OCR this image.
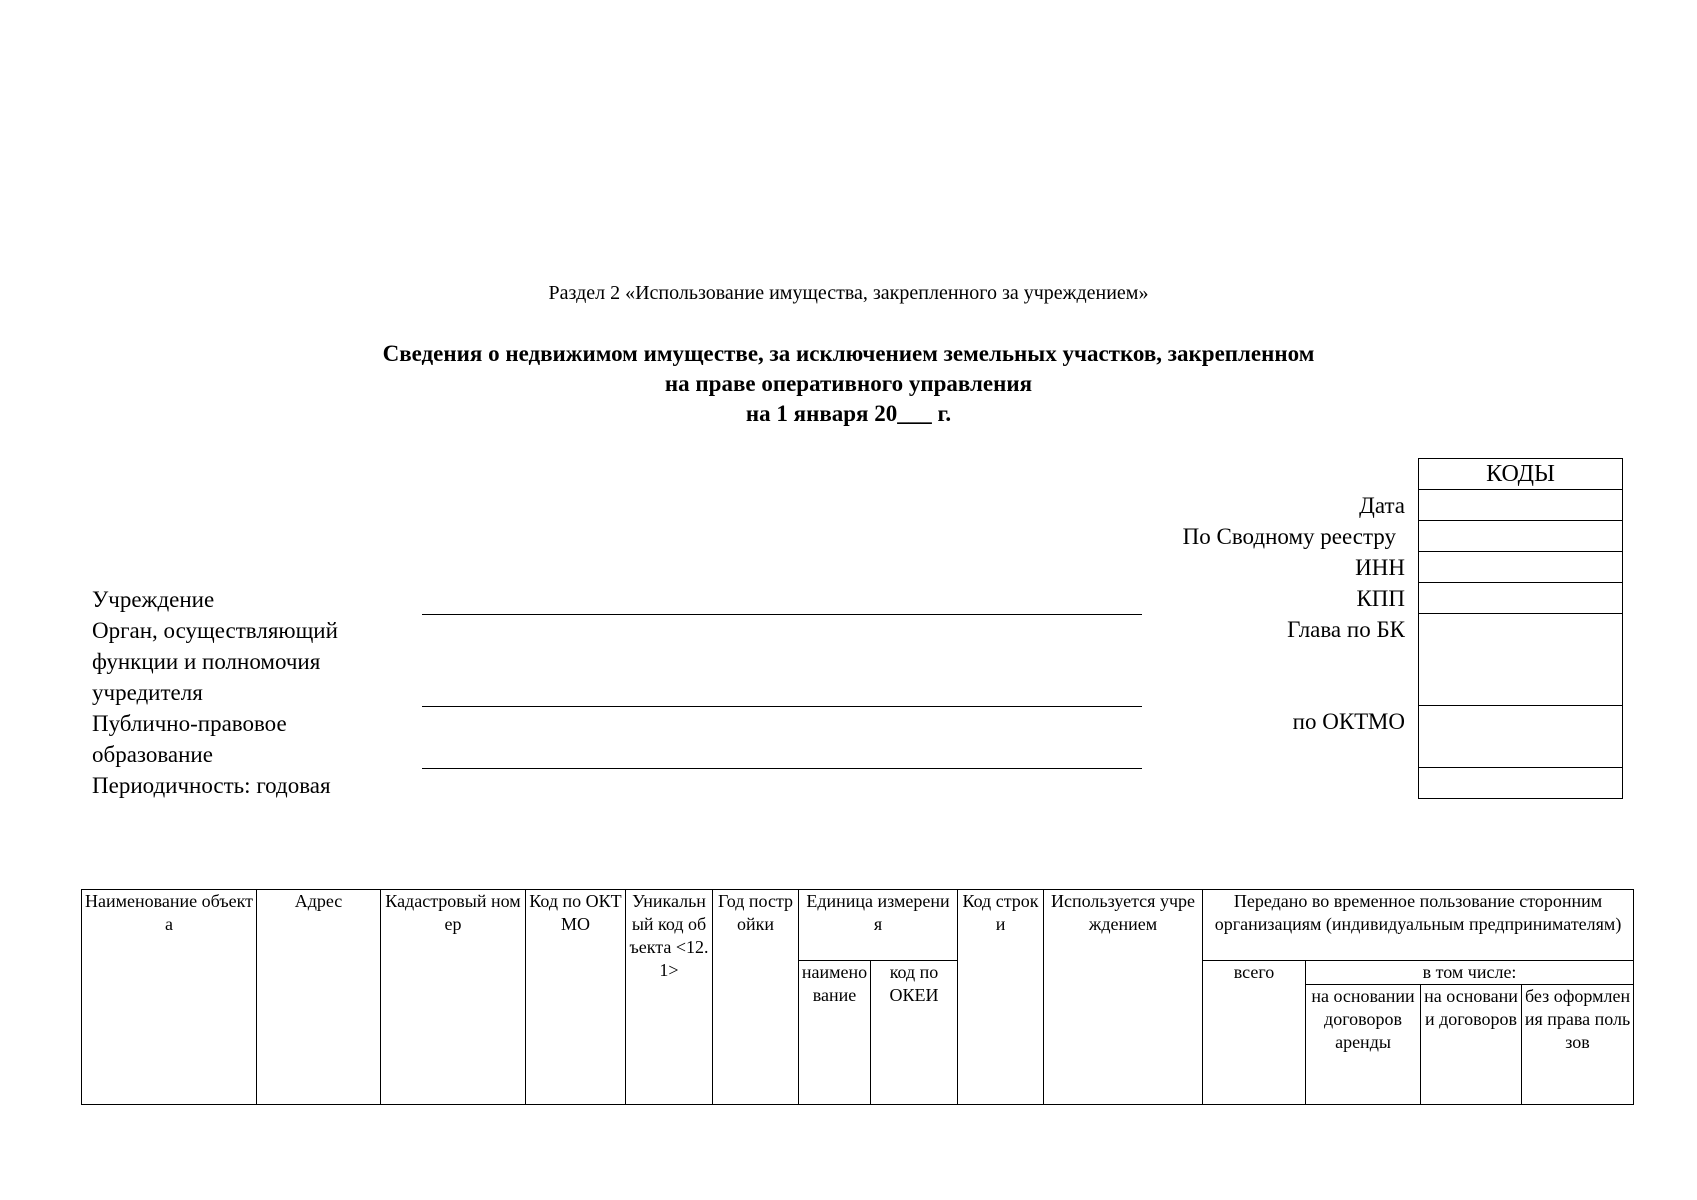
Раздел 2 «Использование имущества, закрепленного за учреждением»
Сведения о недвижимом имуществе, за исключением земельных участков, закрепленном
на праве оперативного управления
на 1 января 20___ г.
Учреждение
Орган, осуществляющий
функции и полномочия
учредителя
Публично-правовое
образование
Периодичность: годовая
Дата
По Сводному реестру
ИНН
КПП
Глава по БК
по ОКТМО
КОДЫ

Наименование объекта	Адрес	Кадастровый номер	Код по ОКТМО	Уникальный код объекта <12.1>	Год постройки	Единица измерения		Код строки	Используется учреждением	Передано во временное пользование сторонним организациям (индивидуальным предпринимателям)			
						наименование	код по ОКЕИ			всего	в том числе:		
											на основании договоров аренды	на основании договоров	без оформления права пользов
